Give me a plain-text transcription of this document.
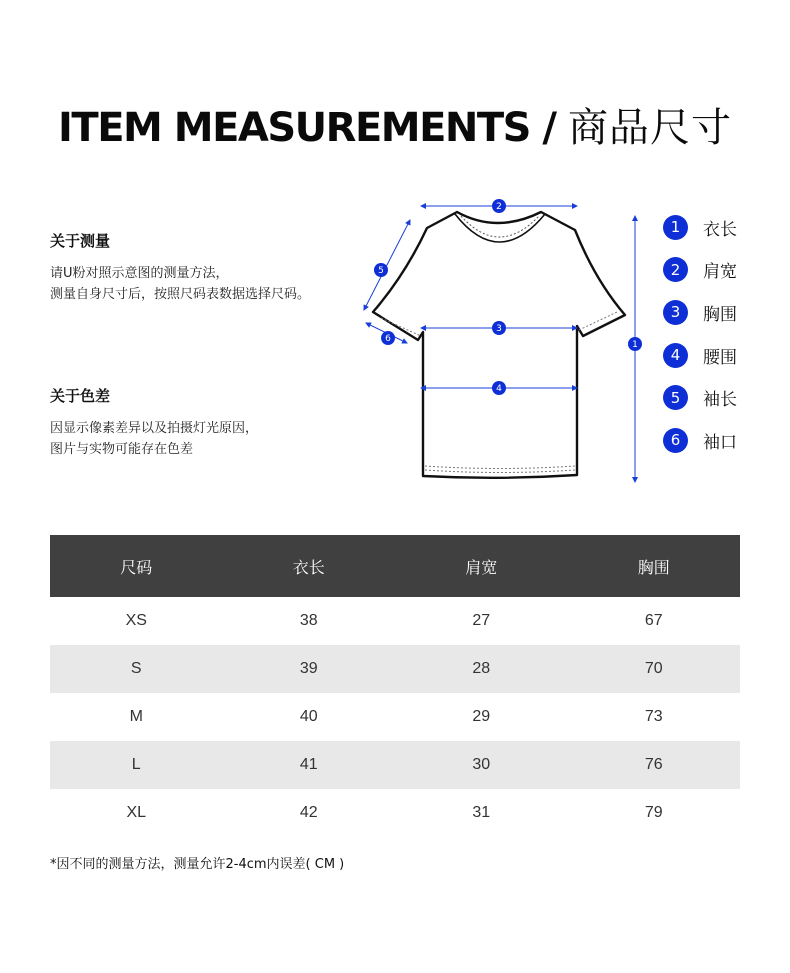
ITEM MEASUREMENTS / 商品尺寸
关于测量
请U粉对照示意图的测量方法，
测量自身尺寸后，按照尺码表数据选择尺码。
关于色差
因显示像素差异以及拍摄灯光原因，
图片与实物可能存在色差
2
3
4
1
5
6
1	衣长
2	肩宽
3	胸围
4	腰围
5	袖长
6	袖口
尺码	衣长	肩宽	胸围
XS	38	27	67
S	39	28	70
M	40	29	73
L	41	30	76
XL	42	31	79
*因不同的测量方法，测量允许2-4cm内误差( CM )
